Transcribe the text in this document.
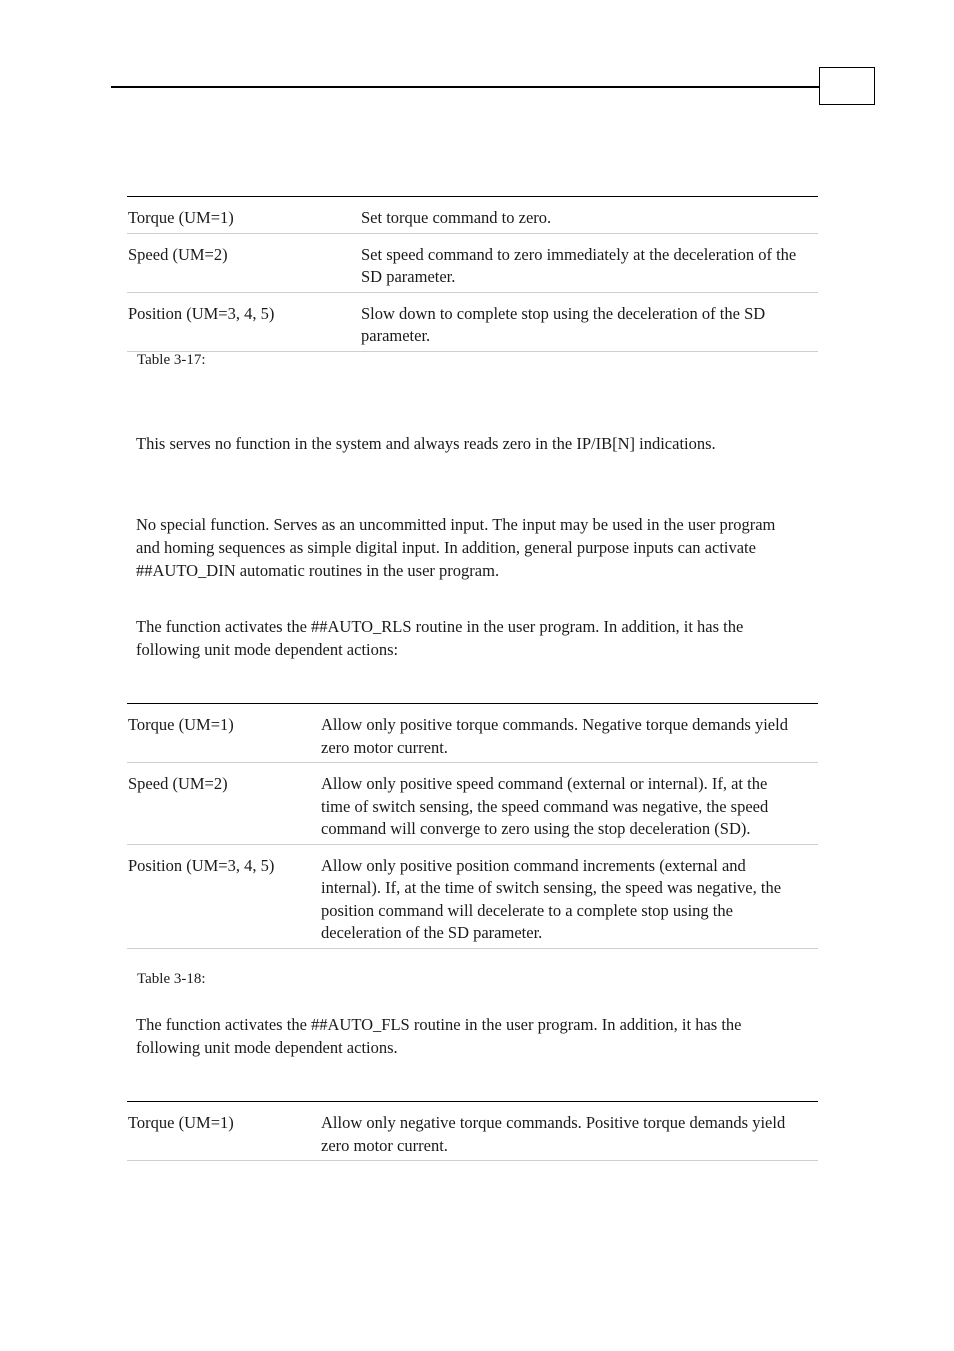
Torque (UM=1)	Set torque command to zero.
Speed (UM=2)	Set speed command to zero immediately at the deceleration of the SD parameter.
Position (UM=3, 4, 5)	Slow down to complete stop using the deceleration of the SD parameter.
Table 3-17:

This serves no function in the system and always reads zero in the IP/IB[N] indications.

No special function. Serves as an uncommitted input. The input may be used in the user program and homing sequences as simple digital input. In addition, general purpose inputs can activate ##AUTO_DIN automatic routines in the user program.

The function activates the ##AUTO_RLS routine in the user program. In addition, it has the following unit mode dependent actions:

Torque (UM=1)	Allow only positive torque commands. Negative torque demands yield zero motor current.
Speed (UM=2)	Allow only positive speed command (external or internal). If, at the time of switch sensing, the speed command was negative, the speed command will converge to zero using the stop deceleration (SD).
Position (UM=3, 4, 5)	Allow only positive position command increments (external and internal). If, at the time of switch sensing, the speed was negative, the position command will decelerate to a complete stop using the deceleration of the SD parameter.
Table 3-18:

The function activates the ##AUTO_FLS routine in the user program. In addition, it has the following unit mode dependent actions.

Torque (UM=1)	Allow only negative torque commands. Positive torque demands yield zero motor current.
